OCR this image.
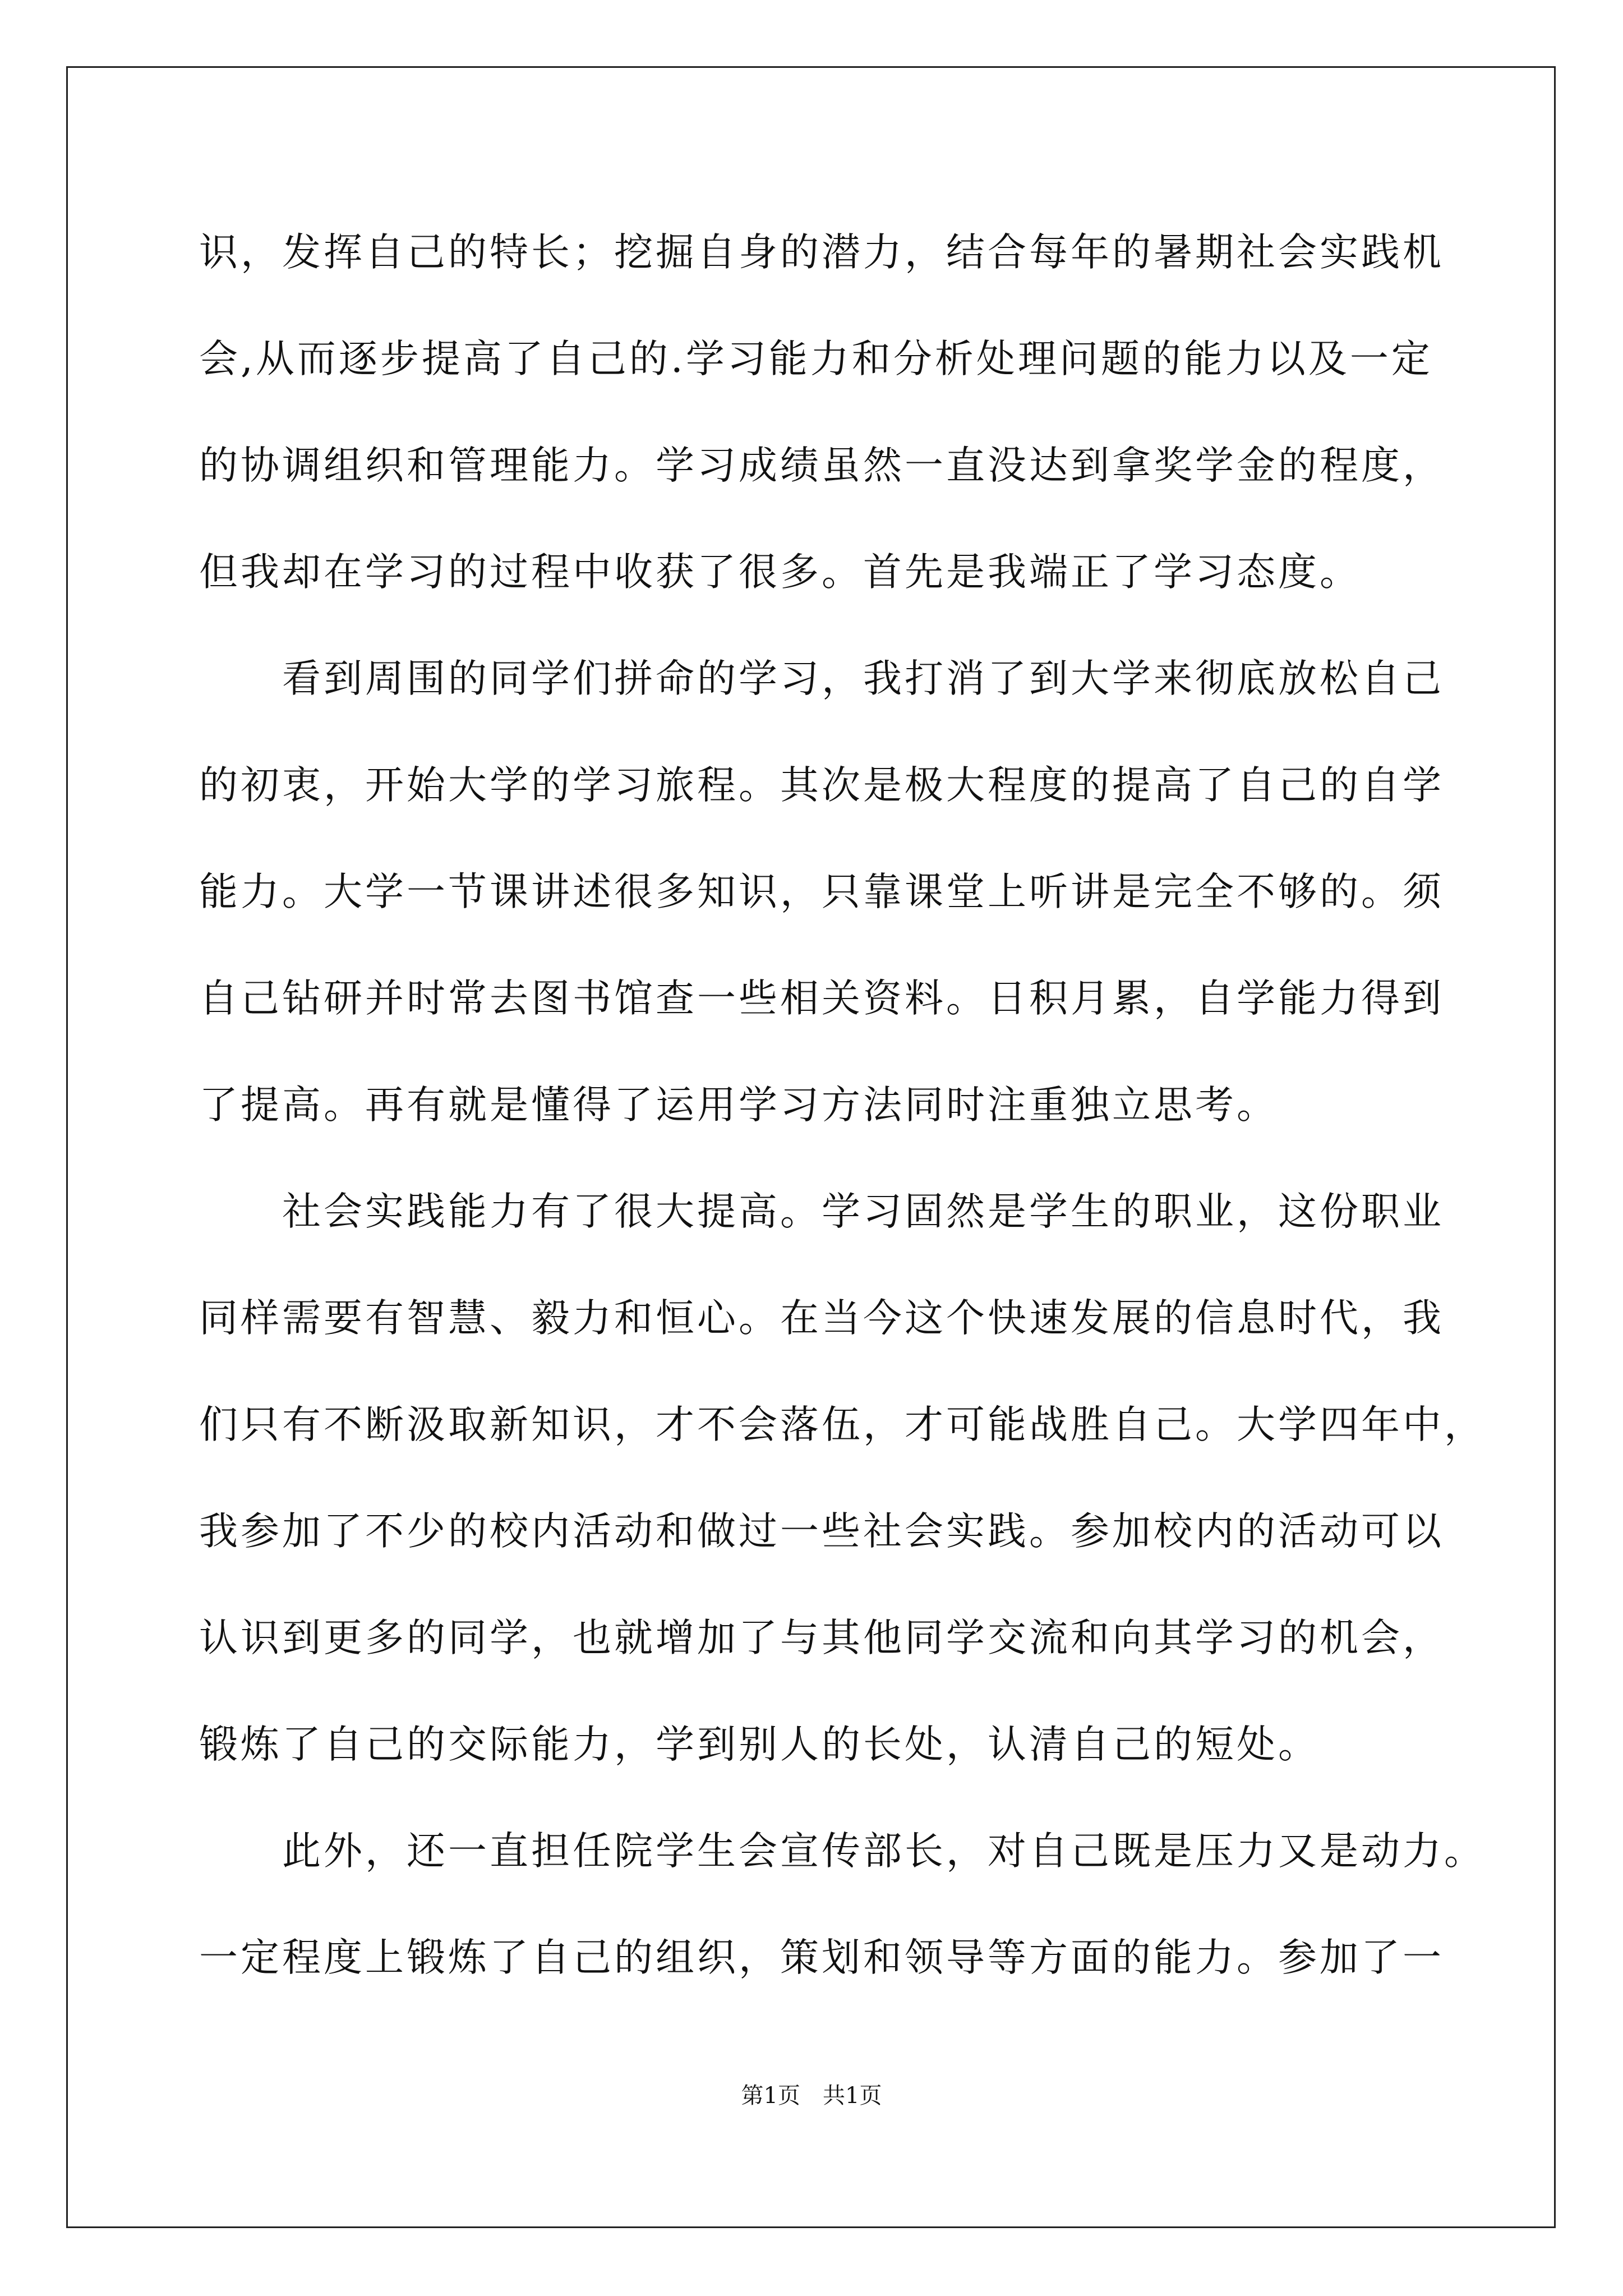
识，发挥自己的特长；挖掘自身的潜力，结合每年的暑期社会实践机
会,从而逐步提高了自己的.学习能力和分析处理问题的能力以及一定
的协调组织和管理能力。学习成绩虽然一直没达到拿奖学金的程度，
但我却在学习的过程中收获了很多。首先是我端正了学习态度。
看到周围的同学们拼命的学习，我打消了到大学来彻底放松自己
的初衷，开始大学的学习旅程。其次是极大程度的提高了自己的自学
能力。大学一节课讲述很多知识，只靠课堂上听讲是完全不够的。须
自己钻研并时常去图书馆查一些相关资料。日积月累，自学能力得到
了提高。再有就是懂得了运用学习方法同时注重独立思考。
社会实践能力有了很大提高。学习固然是学生的职业，这份职业
同样需要有智慧、毅力和恒心。在当今这个快速发展的信息时代，我
们只有不断汲取新知识，才不会落伍，才可能战胜自己。大学四年中，
我参加了不少的校内活动和做过一些社会实践。参加校内的活动可以
认识到更多的同学，也就增加了与其他同学交流和向其学习的机会，
锻炼了自己的交际能力，学到别人的长处，认清自己的短处。
此外，还一直担任院学生会宣传部长，对自己既是压力又是动力。
一定程度上锻炼了自己的组织，策划和领导等方面的能力。参加了一
第1页 共1页
